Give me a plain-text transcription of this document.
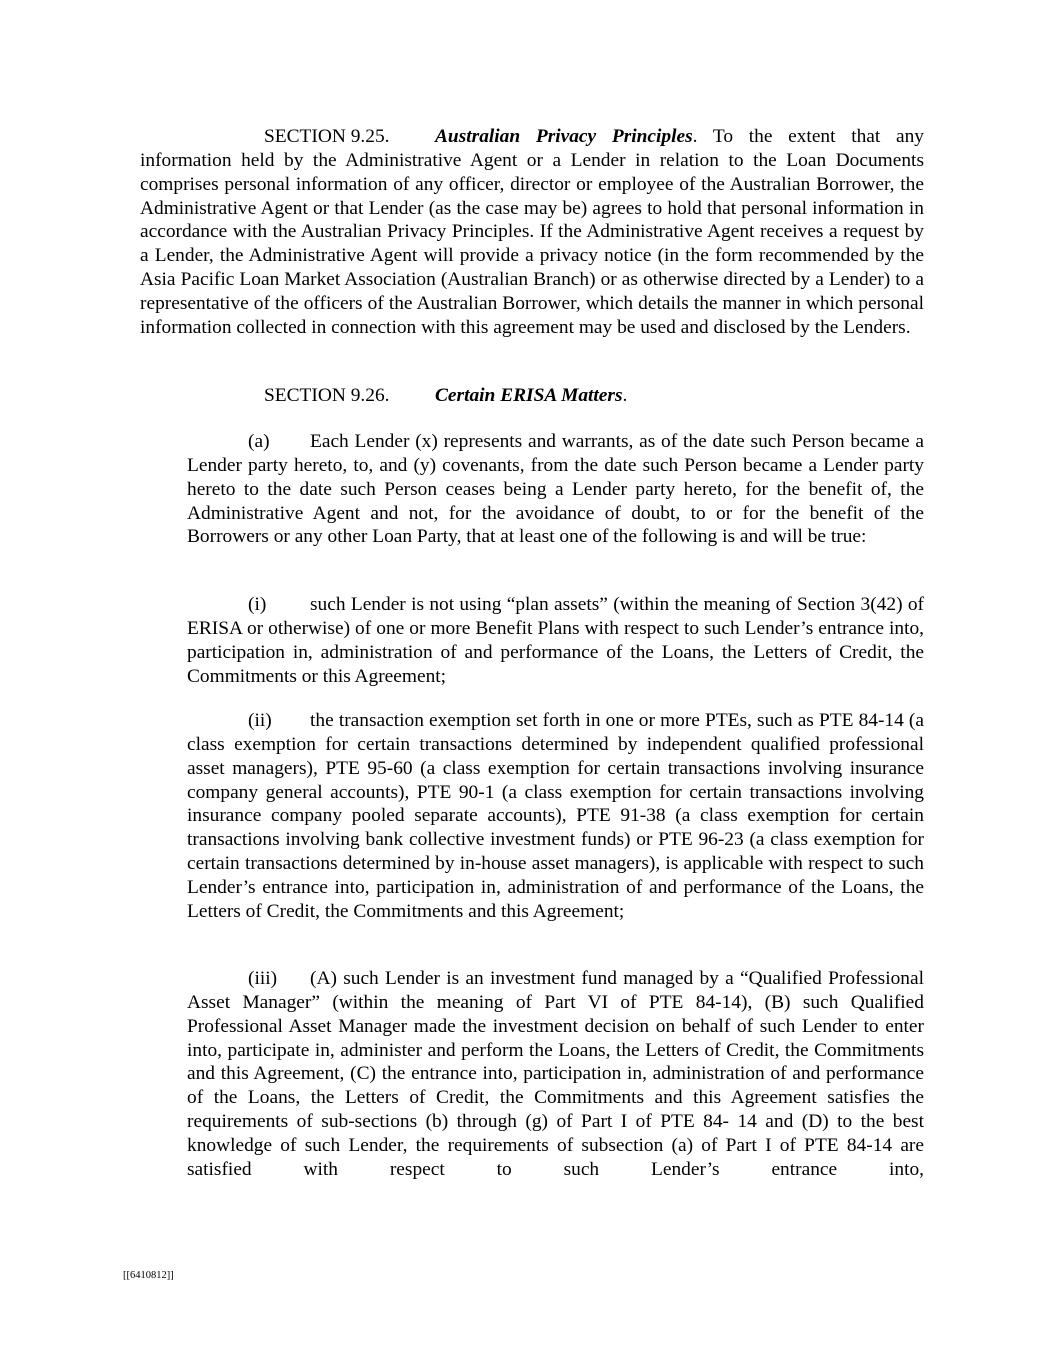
SECTION 9.25. Australian Privacy Principles. To the extent that any information held by the Administrative Agent or a Lender in relation to the Loan Documents comprises personal information of any officer, director or employee of the Australian Borrower, the Administrative Agent or that Lender (as the case may be) agrees to hold that personal information in accordance with the Australian Privacy Principles. If the Administrative Agent receives a request by a Lender, the Administrative Agent will provide a privacy notice (in the form recommended by the Asia Pacific Loan Market Association (Australian Branch) or as otherwise directed by a Lender) to a representative of the officers of the Australian Borrower, which details the manner in which personal information collected in connection with this agreement may be used and disclosed by the Lenders.

SECTION 9.26. Certain ERISA Matters.

(a) Each Lender (x) represents and warrants, as of the date such Person became a Lender party hereto, to, and (y) covenants, from the date such Person became a Lender party hereto to the date such Person ceases being a Lender party hereto, for the benefit of, the Administrative Agent and not, for the avoidance of doubt, to or for the benefit of the Borrowers or any other Loan Party, that at least one of the following is and will be true:

(i) such Lender is not using “plan assets” (within the meaning of Section 3(42) of ERISA or otherwise) of one or more Benefit Plans with respect to such Lender’s entrance into, participation in, administration of and performance of the Loans, the Letters of Credit, the Commitments or this Agreement;

(ii) the transaction exemption set forth in one or more PTEs, such as PTE 84-14 (a class exemption for certain transactions determined by independent qualified professional asset managers), PTE 95-60 (a class exemption for certain transactions involving insurance company general accounts), PTE 90-1 (a class exemption for certain transactions involving insurance company pooled separate accounts), PTE 91-38 (a class exemption for certain transactions involving bank collective investment funds) or PTE 96-23 (a class exemption for certain transactions determined by in-house asset managers), is applicable with respect to such Lender’s entrance into, participation in, administration of and performance of the Loans, the Letters of Credit, the Commitments and this Agreement;

(iii) (A) such Lender is an investment fund managed by a “Qualified Professional Asset Manager” (within the meaning of Part VI of PTE 84-14), (B) such Qualified Professional Asset Manager made the investment decision on behalf of such Lender to enter into, participate in, administer and perform the Loans, the Letters of Credit, the Commitments and this Agreement, (C) the entrance into, participation in, administration of and performance of the Loans, the Letters of Credit, the Commitments and this Agreement satisfies the requirements of sub-sections (b) through (g) of Part I of PTE 84- 14 and (D) to the best knowledge of such Lender, the requirements of subsection (a) of Part I of PTE 84-14 are satisfied with respect to such Lender’s entrance into,

[[6410812]]
